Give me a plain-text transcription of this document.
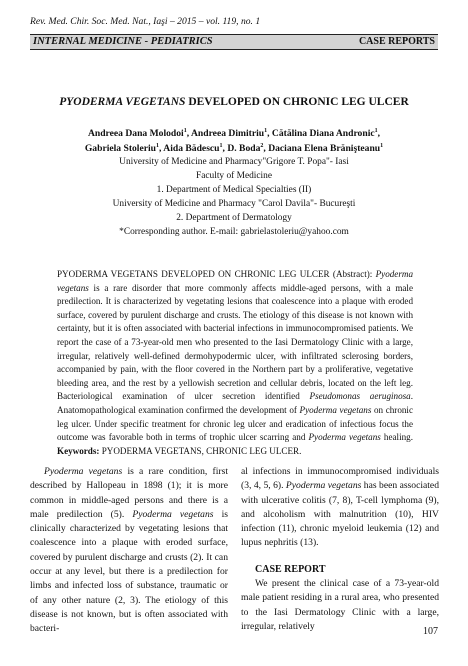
Rev. Med. Chir. Soc. Med. Nat., Iaşi – 2015 – vol. 119, no. 1
INTERNAL MEDICINE - PEDIATRICS	CASE REPORTS
PYODERMA VEGETANS DEVELOPED ON CHRONIC LEG ULCER
Andreea Dana Molodoi$^1$, Andreea Dimitriu$^1$, Cătălina Diana Andronic$^1$,
Gabriela Stoleriu$^1$, Aida Bădescu$^1$, D. Boda$^2$, Daciana Elena Brănişteanu$^1$
University of Medicine and Pharmacy"Grigore T. Popa"- Iasi
Faculty of Medicine
1. Department of Medical Specialties (II)
University of Medicine and Pharmacy "Carol Davila"- Bucureşti
2. Department of Dermatology
*Corresponding author. E-mail: gabrielastoleriu@yahoo.com
PYODERMA VEGETANS DEVELOPED ON CHRONIC LEG ULCER (Abstract): Pyoderma vegetans is a rare disorder that more commonly affects middle-aged persons, with a male predilection. It is characterized by vegetating lesions that coalescence into a plaque with eroded surface, covered by purulent discharge and crusts. The etiology of this disease is not known with certainty, but it is often associated with bacterial infections in immunocompromised patients. We report the case of a 73-year-old men who presented to the Iasi Dermatology Clinic with a large, irregular, relatively well-defined dermohypodermic ulcer, with infiltrated sclerosing borders, accompanied by pain, with the floor covered in the Northern part by a proliferative, vegetative bleeding area, and the rest by a yellowish secretion and cellular debris, located on the left leg. Bacteriological examination of ulcer secretion identified Pseudomonas aeruginosa. Anatomopathological examination confirmed the development of Pyoderma vegetans on chronic leg ulcer. Under specific treatment for chronic leg ulcer and eradication of infectious focus the outcome was favorable both in terms of trophic ulcer scarring and Pyoderma vegetans healing. Keywords: PYODERMA VEGETANS, CHRONIC LEG ULCER.

Pyoderma vegetans is a rare condition, first described by Hallopeau in 1898 (1); it is more common in middle-aged persons and there is a male predilection (5). Pyoderma vegetans is clinically characterized by vegetating lesions that coalescence into a plaque with eroded surface, covered by purulent discharge and crusts (2). It can occur at any level, but there is a predilection for limbs and infected loss of substance, traumatic or of any other nature (2, 3). The etiology of this disease is not known, but is often associated with bacteri-

al infections in immunocompromised individuals (3, 4, 5, 6). Pyoderma vegetans has been associated with ulcerative colitis (7, 8), T-cell lymphoma (9), and alcoholism with malnutrition (10), HIV infection (11), chronic myeloid leukemia (12) and lupus nephritis (13).

CASE REPORT

We present the clinical case of a 73-year-old male patient residing in a rural area, who presented to the Iasi Dermatology Clinic with a large, irregular, relatively	107
